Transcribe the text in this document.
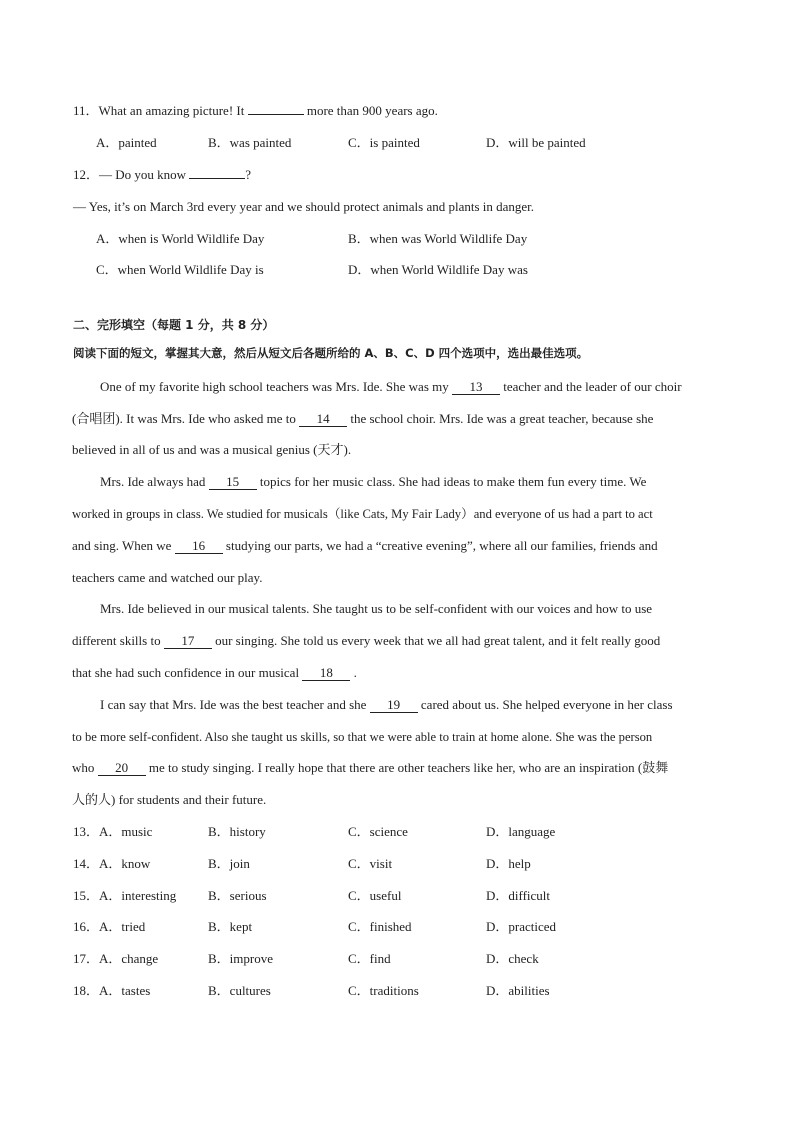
11．What an amazing picture! It	more than 900 years ago.
A．painted	B．was painted	C．is painted	D．will be painted
12．— Do you know	?
— Yes, it’s on March 3rd every year and we should protect animals and plants in danger.
A．when is World Wildlife Day	B．when was World Wildlife Day
C．when World Wildlife Day is	D．when World Wildlife Day was
二、完形填空（每题 1 分，共 8 分）
阅读下面的短文，掌握其大意，然后从短文后各题所给的 A、B、C、D 四个选项中，选出最佳选项。
One of my favorite high school teachers was Mrs. Ide. She was my 13 teacher and the leader of our choir
(合唱团). It was Mrs. Ide who asked me to 14 the school choir. Mrs. Ide was a great teacher, because she
believed in all of us and was a musical genius (天才).
Mrs. Ide always had 15 topics for her music class. She had ideas to make them fun every time. We
worked in groups in class. We studied for musicals（like Cats, My Fair Lady）and everyone of us had a part to act
and sing. When we 16 studying our parts, we had a “creative evening”, where all our families, friends and
teachers came and watched our play.
Mrs. Ide believed in our musical talents. She taught us to be self-confident with our voices and how to use
different skills to 17 our singing. She told us every week that we all had great talent, and it felt really good
that she had such confidence in our musical 18 .
I can say that Mrs. Ide was the best teacher and she 19 cared about us. She helped everyone in her class
to be more self-confident. Also she taught us skills, so that we were able to train at home alone. She was the person
who 20 me to study singing. I really hope that there are other teachers like her, who are an inspiration (鼓舞
人的人) for students and their future.
13． A．music	B．history	C．science	D．language
14． A．know	B．join	C．visit	D．help
15． A．interesting B．serious	C．useful	D．difficult
16． A．tried	B．kept	C．finished	D．practiced
17． A．change	B．improve	C．find	D．check
18． A．tastes	B．cultures	C．traditions	D．abilities
